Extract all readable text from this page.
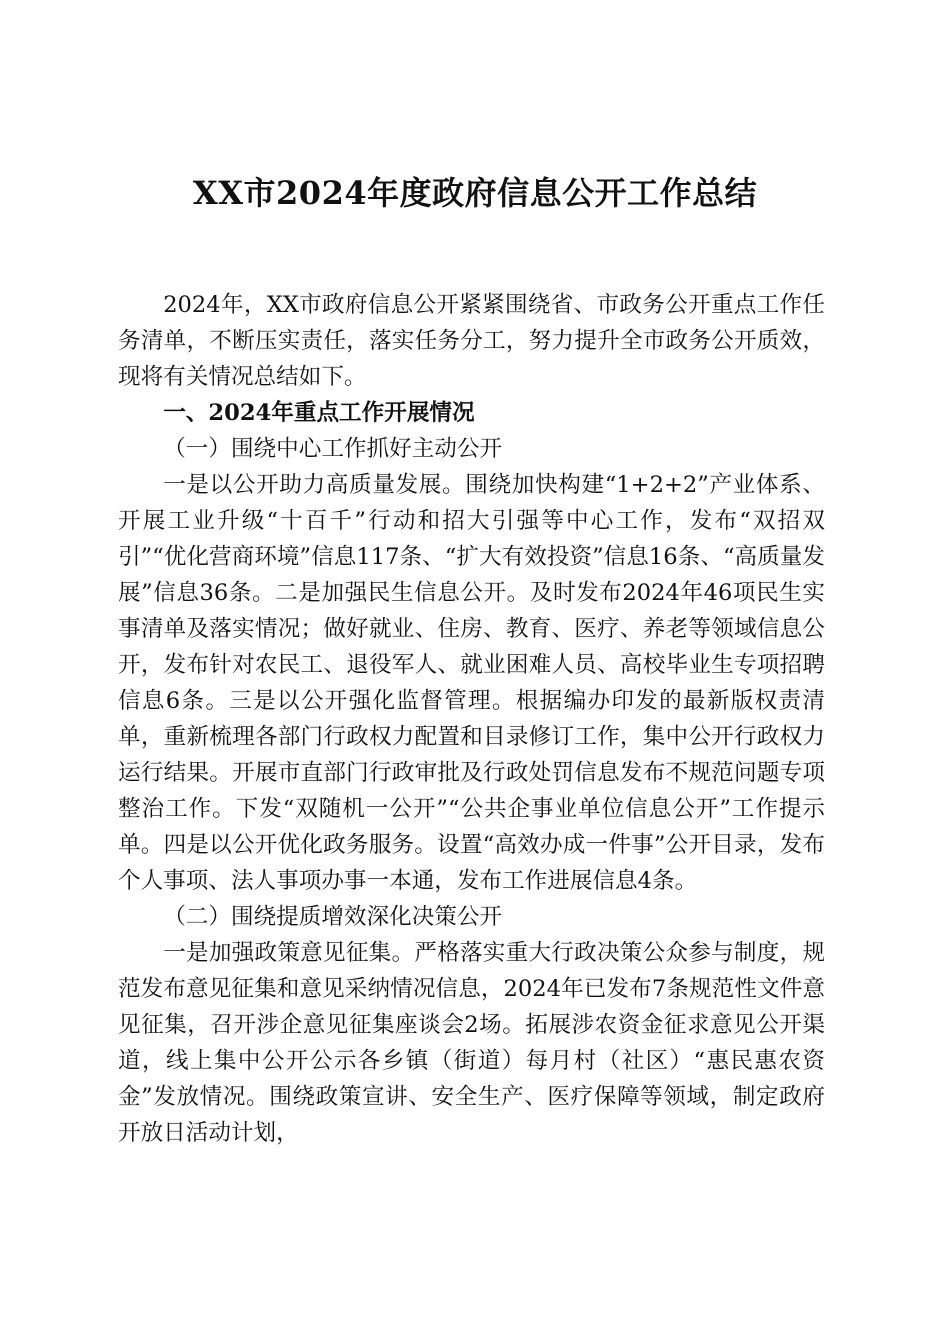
XX市2024年度政府信息公开工作总结

2024年，XX市政府信息公开紧紧围绕省、市政务公开重点工作任务清单，不断压实责任，落实任务分工，努力提升全市政务公开质效，现将有关情况总结如下。

一、2024年重点工作开展情况

（一）围绕中心工作抓好主动公开

一是以公开助力高质量发展。围绕加快构建“1+2+2”产业体系、开展工业升级“十百千”行动和招大引强等中心工作，发布“双招双引”“优化营商环境”信息117条、“扩大有效投资”信息16条、“高质量发展”信息36条。二是加强民生信息公开。及时发布2024年46项民生实事清单及落实情况；做好就业、住房、教育、医疗、养老等领域信息公开，发布针对农民工、退役军人、就业困难人员、高校毕业生专项招聘信息6条。三是以公开强化监督管理。根据编办印发的最新版权责清单，重新梳理各部门行政权力配置和目录修订工作，集中公开行政权力运行结果。开展市直部门行政审批及行政处罚信息发布不规范问题专项整治工作。下发“双随机一公开”“公共企事业单位信息公开”工作提示单。四是以公开优化政务服务。设置“高效办成一件事”公开目录，发布个人事项、法人事项办事一本通，发布工作进展信息4条。

（二）围绕提质增效深化决策公开

一是加强政策意见征集。严格落实重大行政决策公众参与制度，规范发布意见征集和意见采纳情况信息，2024年已发布7条规范性文件意见征集，召开涉企意见征集座谈会2场。拓展涉农资金征求意见公开渠道，线上集中公开公示各乡镇（街道）每月村（社区）“惠民惠农资金”发放情况。围绕政策宣讲、安全生产、医疗保障等领域，制定政府开放日活动计划，
